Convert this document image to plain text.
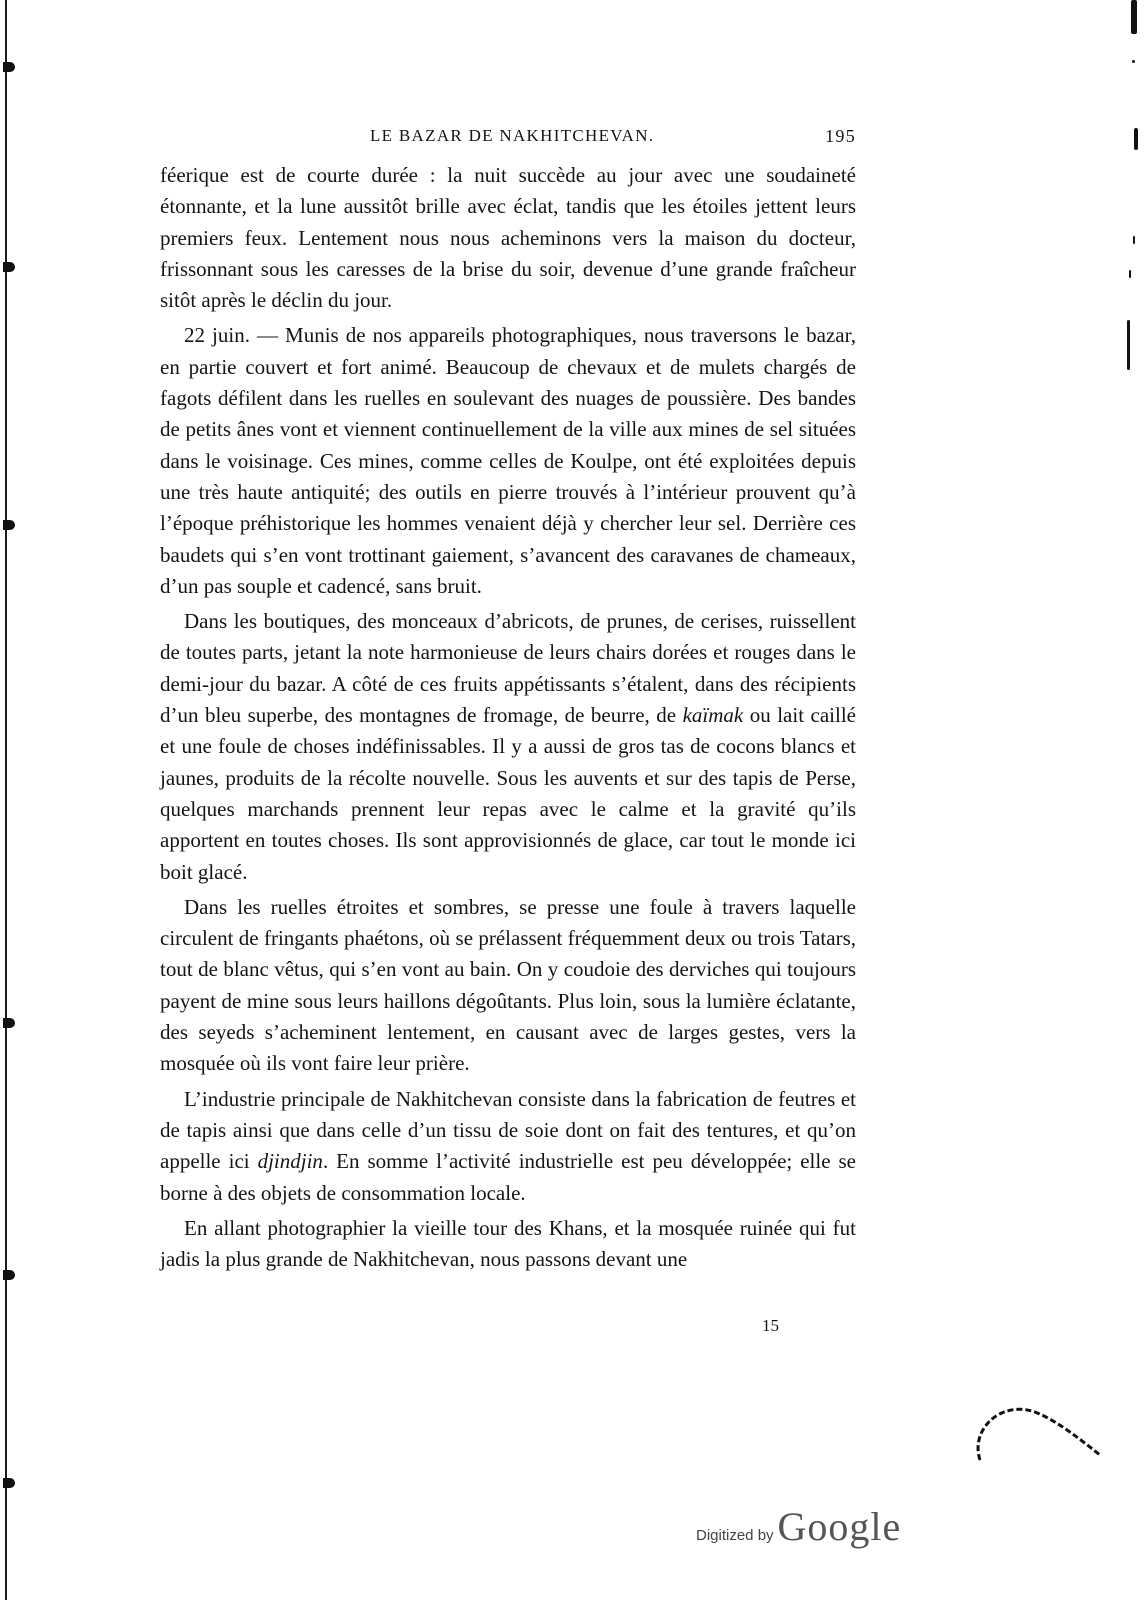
LE BAZAR DE NAKHITCHEVAN.	195

féerique est de courte durée : la nuit succède au jour avec une soudaineté étonnante, et la lune aussitôt brille avec éclat, tandis que les étoiles jettent leurs premiers feux. Lentement nous nous acheminons vers la maison du docteur, frissonnant sous les caresses de la brise du soir, devenue d’une grande fraîcheur sitôt après le déclin du jour.

22 juin. — Munis de nos appareils photographiques, nous traversons le bazar, en partie couvert et fort animé. Beaucoup de chevaux et de mulets chargés de fagots défilent dans les ruelles en soulevant des nuages de poussière. Des bandes de petits ânes vont et viennent continuellement de la ville aux mines de sel situées dans le voisinage. Ces mines, comme celles de Koulpe, ont été exploitées depuis une très haute antiquité; des outils en pierre trouvés à l’intérieur prouvent qu’à l’époque préhistorique les hommes venaient déjà y chercher leur sel. Derrière ces baudets qui s’en vont trottinant gaiement, s’avancent des caravanes de chameaux, d’un pas souple et cadencé, sans bruit.

Dans les boutiques, des monceaux d’abricots, de prunes, de cerises, ruissellent de toutes parts, jetant la note harmonieuse de leurs chairs dorées et rouges dans le demi-jour du bazar. A côté de ces fruits appétissants s’étalent, dans des récipients d’un bleu superbe, des montagnes de fromage, de beurre, de kaïmak ou lait caillé et une foule de choses indéfinissables. Il y a aussi de gros tas de cocons blancs et jaunes, produits de la récolte nouvelle. Sous les auvents et sur des tapis de Perse, quelques marchands prennent leur repas avec le calme et la gravité qu’ils apportent en toutes choses. Ils sont approvisionnés de glace, car tout le monde ici boit glacé.

Dans les ruelles étroites et sombres, se presse une foule à travers laquelle circulent de fringants phaétons, où se prélassent fréquemment deux ou trois Tatars, tout de blanc vêtus, qui s’en vont au bain. On y coudoie des derviches qui toujours payent de mine sous leurs haillons dégoûtants. Plus loin, sous la lumière éclatante, des seyeds s’acheminent lentement, en causant avec de larges gestes, vers la mosquée où ils vont faire leur prière.

L’industrie principale de Nakhitchevan consiste dans la fabrication de feutres et de tapis ainsi que dans celle d’un tissu de soie dont on fait des tentures, et qu’on appelle ici djindjin. En somme l’activité industrielle est peu développée; elle se borne à des objets de consommation locale.

En allant photographier la vieille tour des Khans, et la mosquée ruinée qui fut jadis la plus grande de Nakhitchevan, nous passons devant une

15
Digitized by Google
